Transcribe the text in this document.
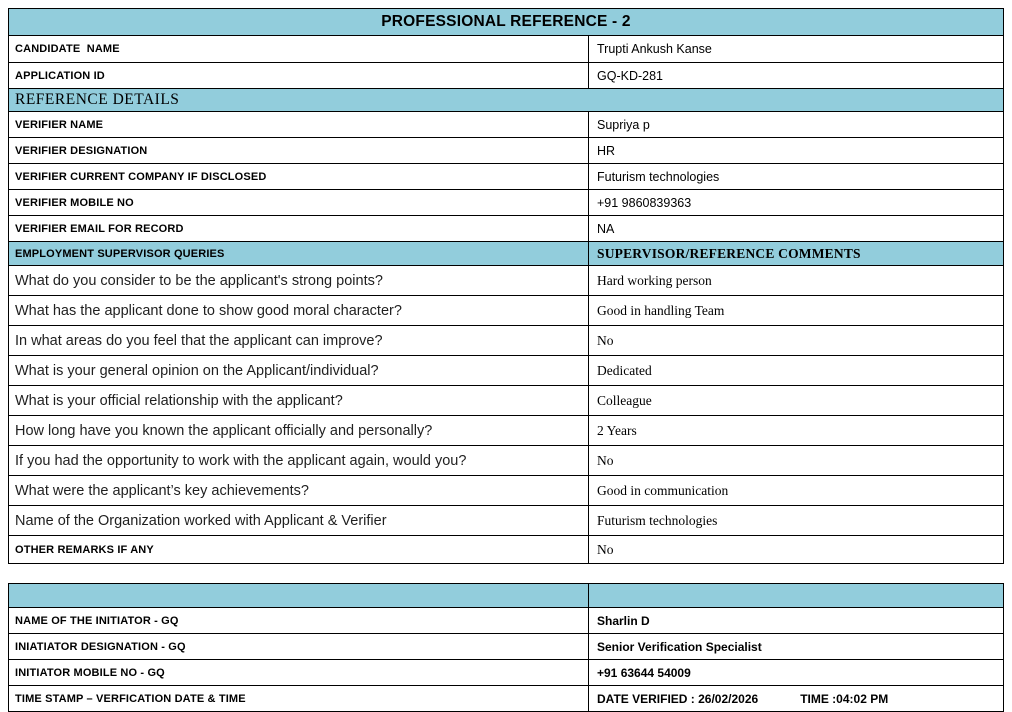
PROFESSIONAL REFERENCE - 2
CANDIDATE  NAME	Trupti Ankush Kanse
APPLICATION ID	GQ-KD-281
REFERENCE DETAILS
VERIFIER NAME	Supriya p
VERIFIER DESIGNATION	HR
VERIFIER CURRENT COMPANY IF DISCLOSED	Futurism technologies
VERIFIER MOBILE NO	+91 9860839363
VERIFIER EMAIL FOR RECORD	NA
EMPLOYMENT SUPERVISOR QUERIES	SUPERVISOR/REFERENCE COMMENTS
What do you consider to be the applicant's strong points?	Hard working person
What has the applicant done to show good moral character?	Good in handling Team
In what areas do you feel that the applicant can improve?	No
What is your general opinion on the Applicant/individual?	Dedicated
What is your official relationship with the applicant?	Colleague
How long have you known the applicant officially and personally?	2 Years
If you had the opportunity to work with the applicant again, would you?	No
What were the applicant’s key achievements?	Good in communication
Name of the Organization worked with Applicant & Verifier	Futurism technologies
OTHER REMARKS IF ANY	No
NAME OF THE INITIATOR - GQ	Sharlin D
INIATIATOR DESIGNATION - GQ	Senior Verification Specialist
INITIATOR MOBILE NO - GQ	+91 63644 54009
TIME STAMP – VERFICATION DATE & TIME	DATE VERIFIED : 26/02/2026	TIME :04:02 PM
